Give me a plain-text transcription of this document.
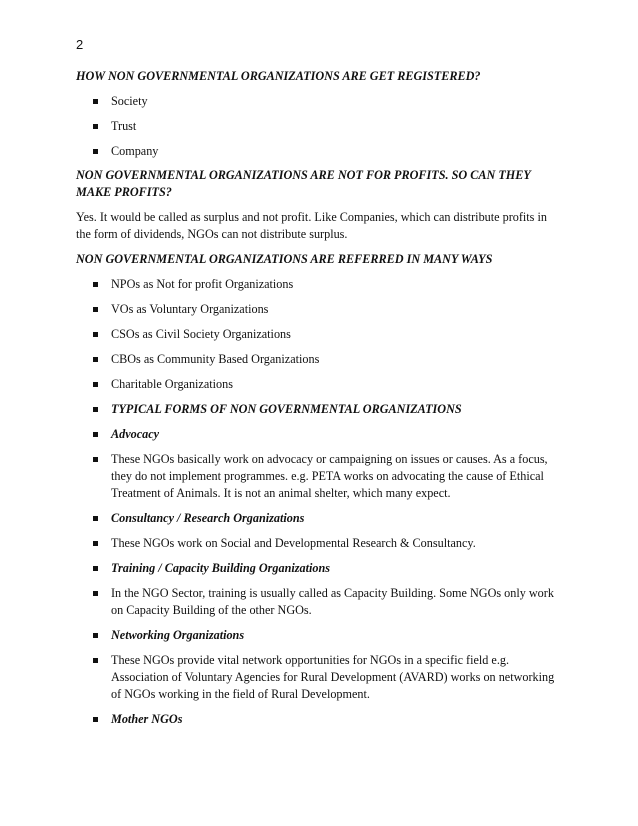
2
HOW NON GOVERNMENTAL ORGANIZATIONS ARE GET REGISTERED?
Society
Trust
Company
NON GOVERNMENTAL ORGANIZATIONS ARE NOT FOR PROFITS. SO CAN THEY MAKE PROFITS?

Yes. It would be called as surplus and not profit. Like Companies, which can distribute profits in the form of dividends, NGOs can not distribute surplus.

NON GOVERNMENTAL ORGANIZATIONS ARE REFERRED IN MANY WAYS
NPOs as Not for profit Organizations
VOs as Voluntary Organizations
CSOs as Civil Society Organizations
CBOs as Community Based Organizations
Charitable Organizations
TYPICAL FORMS OF NON GOVERNMENTAL ORGANIZATIONS
Advocacy
These NGOs basically work on advocacy or campaigning on issues or causes. As a focus, they do not implement programmes. e.g. PETA works on advocating the cause of Ethical Treatment of Animals. It is not an animal shelter, which many expect.
Consultancy / Research Organizations
These NGOs work on Social and Developmental Research & Consultancy.
Training / Capacity Building Organizations
In the NGO Sector, training is usually called as Capacity Building. Some NGOs only work on Capacity Building of the other NGOs.
Networking Organizations
These NGOs provide vital network opportunities for NGOs in a specific field e.g. Association of Voluntary Agencies for Rural Development (AVARD) works on networking of NGOs working in the field of Rural Development.
Mother NGOs
